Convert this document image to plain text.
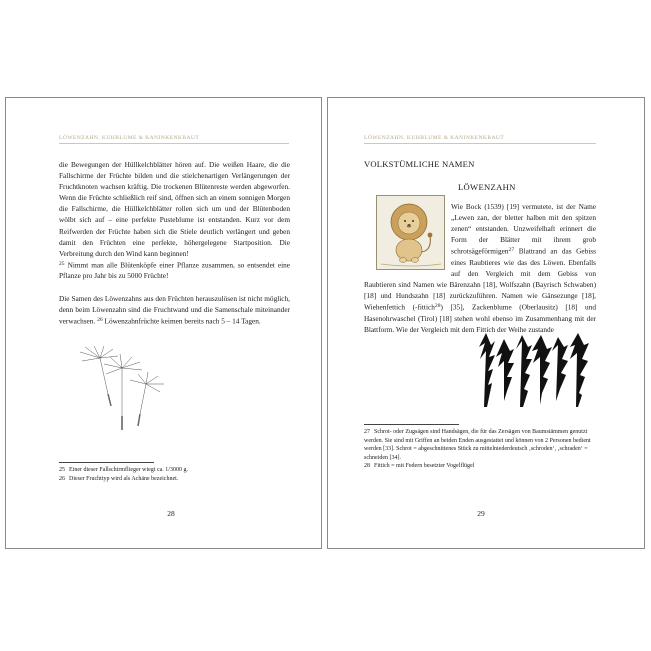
LÖWENZAHN, KUHBLUME & KANINKENKRAUT

die Bewegungen der Hüllkelchblätter hören auf. Die weißen Haare, die die Fallschirme der Früchte bilden und die stielchenartigen Verlängerungen der Fruchtknoten wachsen kräftig. Die trockenen Blütenreste werden abgeworfen. Wenn die Früchte schließlich reif sind, öffnen sich an einem sonnigen Morgen die Fallschirme, die Hüllkelchblätter rollen sich um und der Blütenboden wölbt sich auf – eine perfekte Pusteblume ist entstanden. Kurz vor dem Reifwerden der Früchte haben sich die Stiele deutlich verlängert und geben damit den Früchten eine perfekte, höhergelegene Startposition. Die Verbreitung durch den Wind kann beginnen!
$^{25}$ Nimmt man alle Blütenköpfe einer Pflanze zusammen, so entsendet eine Pflanze pro Jahr bis zu 5000 Früchte!

Die Samen des Löwenzahns aus den Früchten herauszulösen ist nicht möglich, denn beim Löwenzahn sind die Fruchtwand und die Samenschale miteinander verwachsen. $^{26}$ Löwenzahnfrüchte keimen bereits nach 5 – 14 Tagen.

25 Einer dieser Fallschirmflieger wiegt ca. 1/3000 g.

26 Dieser Fruchttyp wird als Achäne bezeichnet.

28
LÖWENZAHN, KUHBLUME & KANINKENKRAUT
VOLKSTÜMLICHE NAMEN
LÖWENZAHN

Wie Bock (1539) [19] vermutete, ist der Name „Lewen zan, der bletter halben mit den spitzen zenen“ entstanden. Unzweifelhaft erinnert die Form der Blätter mit ihrem grob schrotsägeförmigen$^{27}$ Blattrand an das Gebiss eines Raubtieres wie das des Löwen. Ebenfalls auf den Vergleich mit dem Gebiss von Raubtieren sind Namen wie Bärenzahn [18], Wolfszahn (Bayrisch Schwaben) [18] und Hundszahn [18] zurückzuführen. Namen wie Gänsezunge [18], Wiehenfettich (-fittich$^{28}$) [35], Zackenblume (Oberlausitz) [18] und Hasenohrwaschel (Tirol) [18] stehen wohl ebenso im Zusammenhang mit der Blattform. Wie der Vergleich mit dem Fittich der Weihe zustande

27 Schrot- oder Zugsägen sind Handsägen, die für das Zersägen von Baumstämmen genutzt werden. Sie sind mit Griffen an beiden Enden ausgestattet und können von 2 Personen bedient werden [33]. Schrot = abgeschnittenes Stück zu mittelniederdeutsch ‚schroden‘, ‚schraden‘ = schneiden [34].

28 Fittich = mit Federn besetzter Vogelflügel

29
